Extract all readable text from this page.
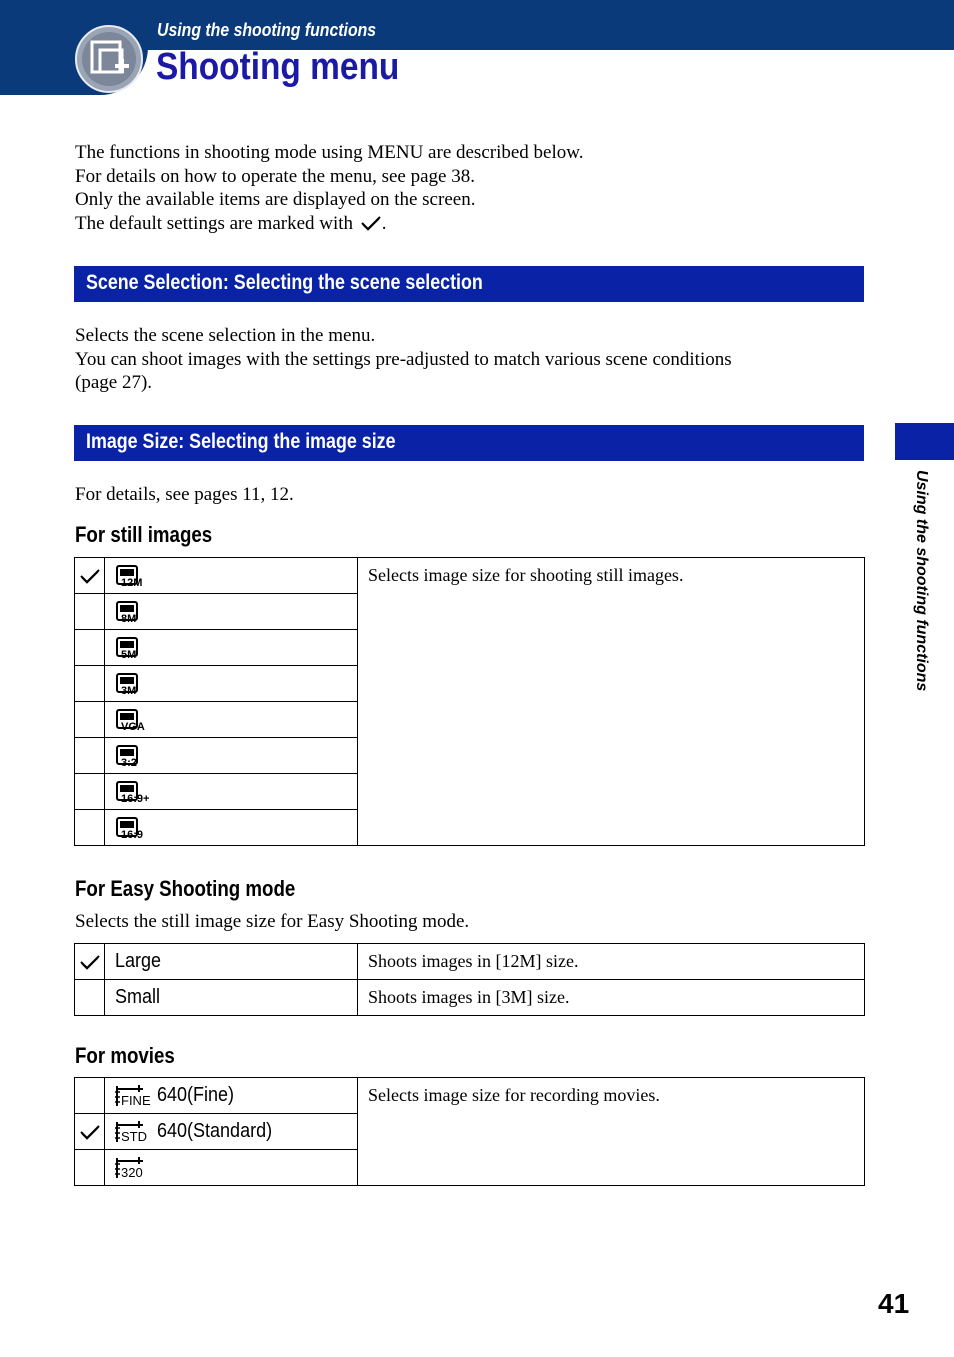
Using the shooting functions
Shooting menu
The functions in shooting mode using MENU are described below.
For details on how to operate the menu, see page 38.
Only the available items are displayed on the screen.
The default settings are marked with .
Scene Selection: Selecting the scene selection
Selects the scene selection in the menu.
You can shoot images with the settings pre-adjusted to match various scene conditions
(page 27).
Image Size: Selecting the image size
For details, see pages 11, 12.
For still images

12M	Selects image size for shooting still images.

8M	

5M	

3M	

VGA	

3:2	

16:9+	

16:9	
For Easy Shooting mode
Selects the still image size for Easy Shooting mode.
	Large	Shoots images in [12M] size.
	Small	Shoots images in [3M] size.
For movies

FINE 640(Fine)	Selects image size for recording movies.

STD 640(Standard)	

320	
Using the shooting functions
41
